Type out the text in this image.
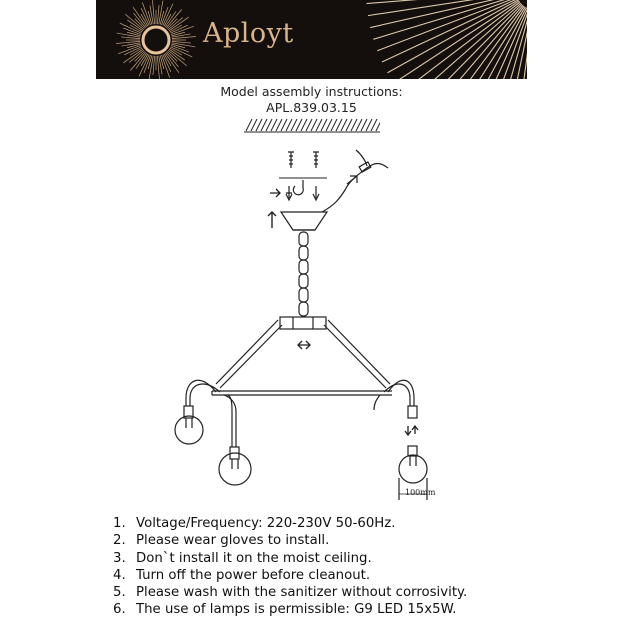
Aployt
Model assembly instructions:
APL.839.03.15
100mm
1. Voltage/Frequency: 220-230V 50-60Hz.
2. Please wear gloves to install.
3. Don`t install it on the moist ceiling.
4. Turn off the power before cleanout.
5. Please wash with the sanitizer without corrosivity.
6. The use of lamps is permissible: G9 LED 15x5W.
